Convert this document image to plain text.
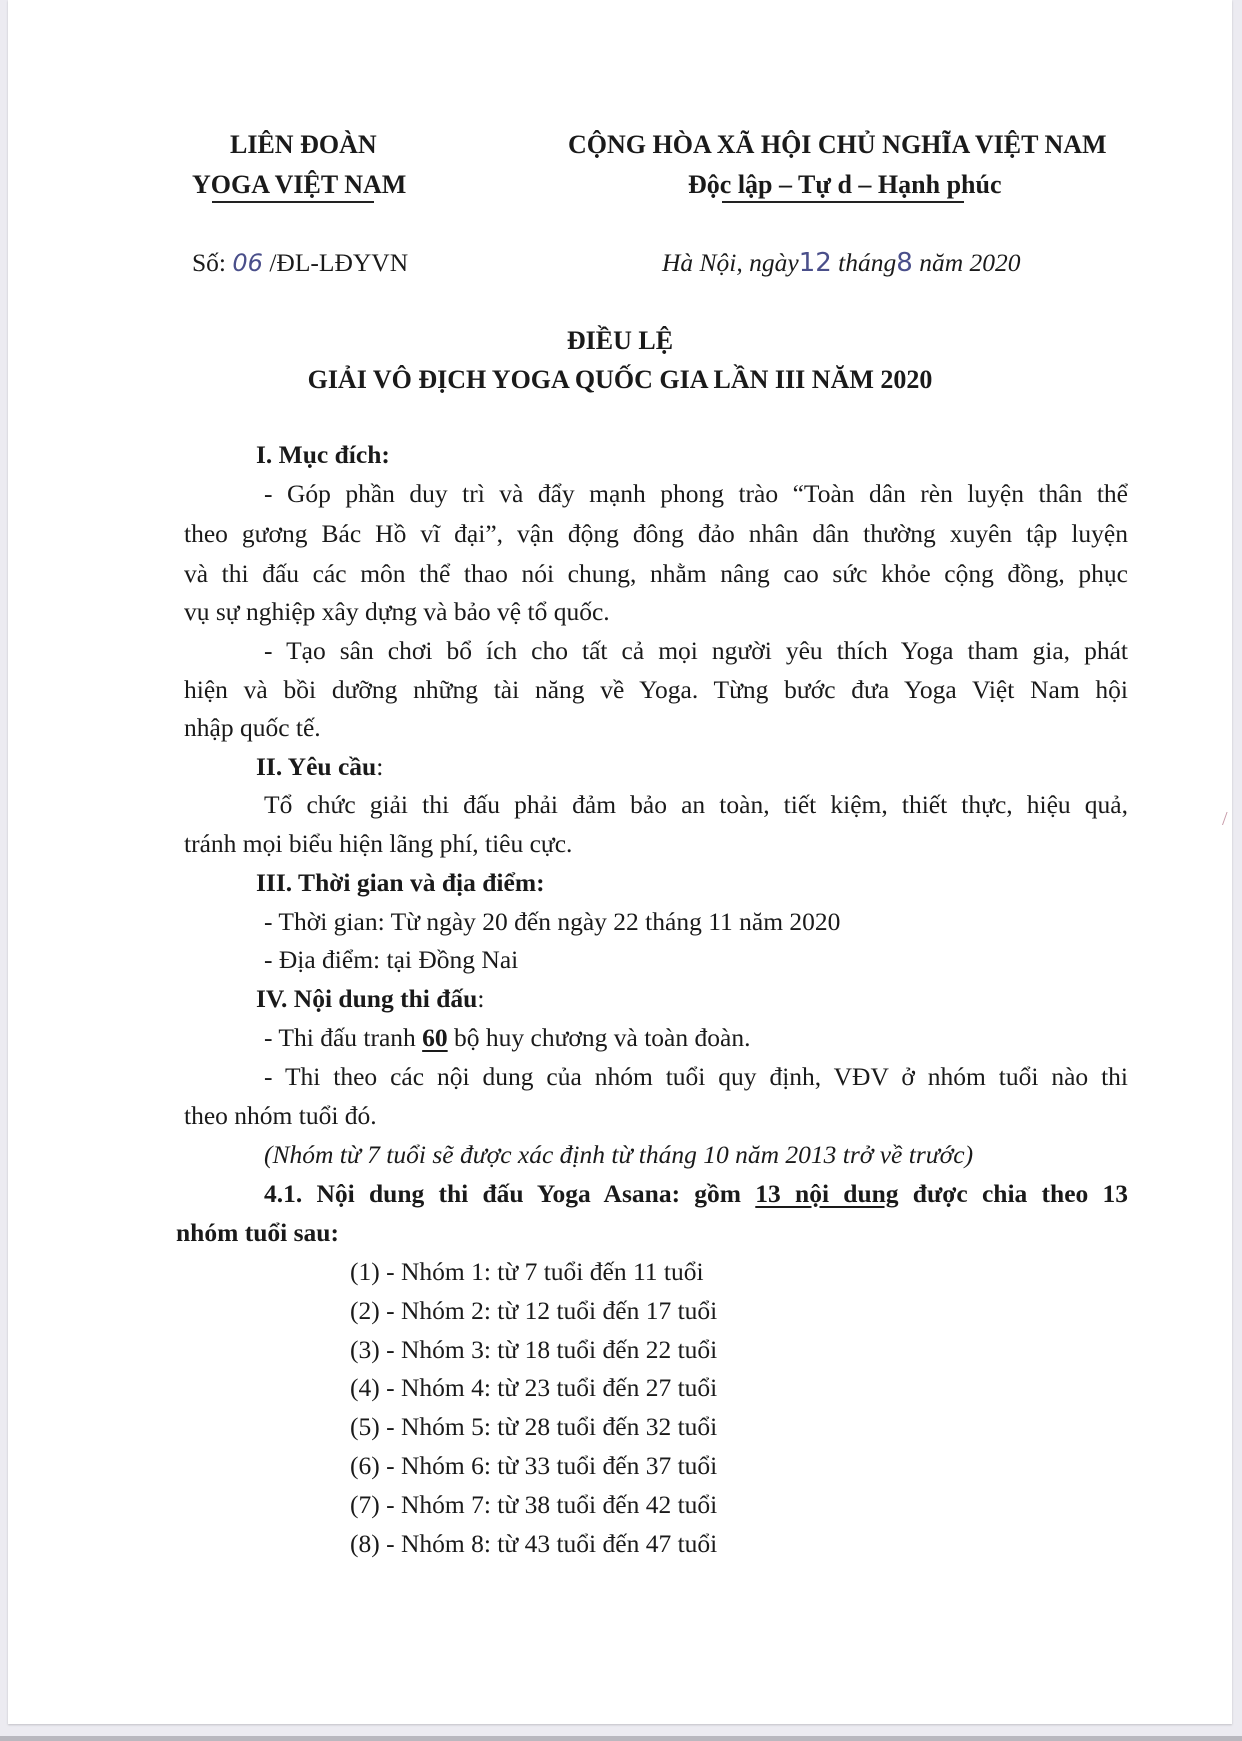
LIÊN ĐOÀN
YOGA VIỆT NAM
CỘNG HÒA XÃ HỘI CHỦ NGHĨA VIỆT NAM
Độc lập – Tự d – Hạnh phúc
Số: 06 /ĐL-LĐYVN	Hà Nội, ngày12 tháng8 năm 2020
ĐIỀU LỆ
GIẢI VÔ ĐỊCH YOGA QUỐC GIA LẦN III NĂM 2020
I. Mục đích:
- Góp phần duy trì và đẩy mạnh phong trào “Toàn dân rèn luyện thân thể
theo gương Bác Hồ vĩ đại”, vận động đông đảo nhân dân thường xuyên tập luyện
và thi đấu các môn thể thao nói chung, nhằm nâng cao sức khỏe cộng đồng, phục
vụ sự nghiệp xây dựng và bảo vệ tổ quốc.
- Tạo sân chơi bổ ích cho tất cả mọi người yêu thích Yoga tham gia, phát
hiện và bồi dưỡng những tài năng về Yoga. Từng bước đưa Yoga Việt Nam hội
nhập quốc tế.
II. Yêu cầu:
Tổ chức giải thi đấu phải đảm bảo an toàn, tiết kiệm, thiết thực, hiệu quả,
tránh mọi biểu hiện lãng phí, tiêu cực.
III. Thời gian và địa điểm:
- Thời gian: Từ ngày 20 đến ngày 22 tháng 11 năm 2020
- Địa điểm: tại Đồng Nai
IV. Nội dung thi đấu:
- Thi đấu tranh 60 bộ huy chương và toàn đoàn.
- Thi theo các nội dung của nhóm tuổi quy định, VĐV ở nhóm tuổi nào thi
theo nhóm tuổi đó.
(Nhóm từ 7 tuổi sẽ được xác định từ tháng 10 năm 2013 trở về trước)
4.1. Nội dung thi đấu Yoga Asana: gồm 13 nội dung được chia theo 13
nhóm tuổi sau:
(1) - Nhóm 1: từ 7 tuổi đến 11 tuổi
(2) - Nhóm 2: từ 12 tuổi đến 17 tuổi
(3) - Nhóm 3: từ 18 tuổi đến 22 tuổi
(4) - Nhóm 4: từ 23 tuổi đến 27 tuổi
(5) - Nhóm 5: từ 28 tuổi đến 32 tuổi
(6) - Nhóm 6: từ 33 tuổi đến 37 tuổi
(7) - Nhóm 7: từ 38 tuổi đến 42 tuổi
(8) - Nhóm 8: từ 43 tuổi đến 47 tuổi
/
